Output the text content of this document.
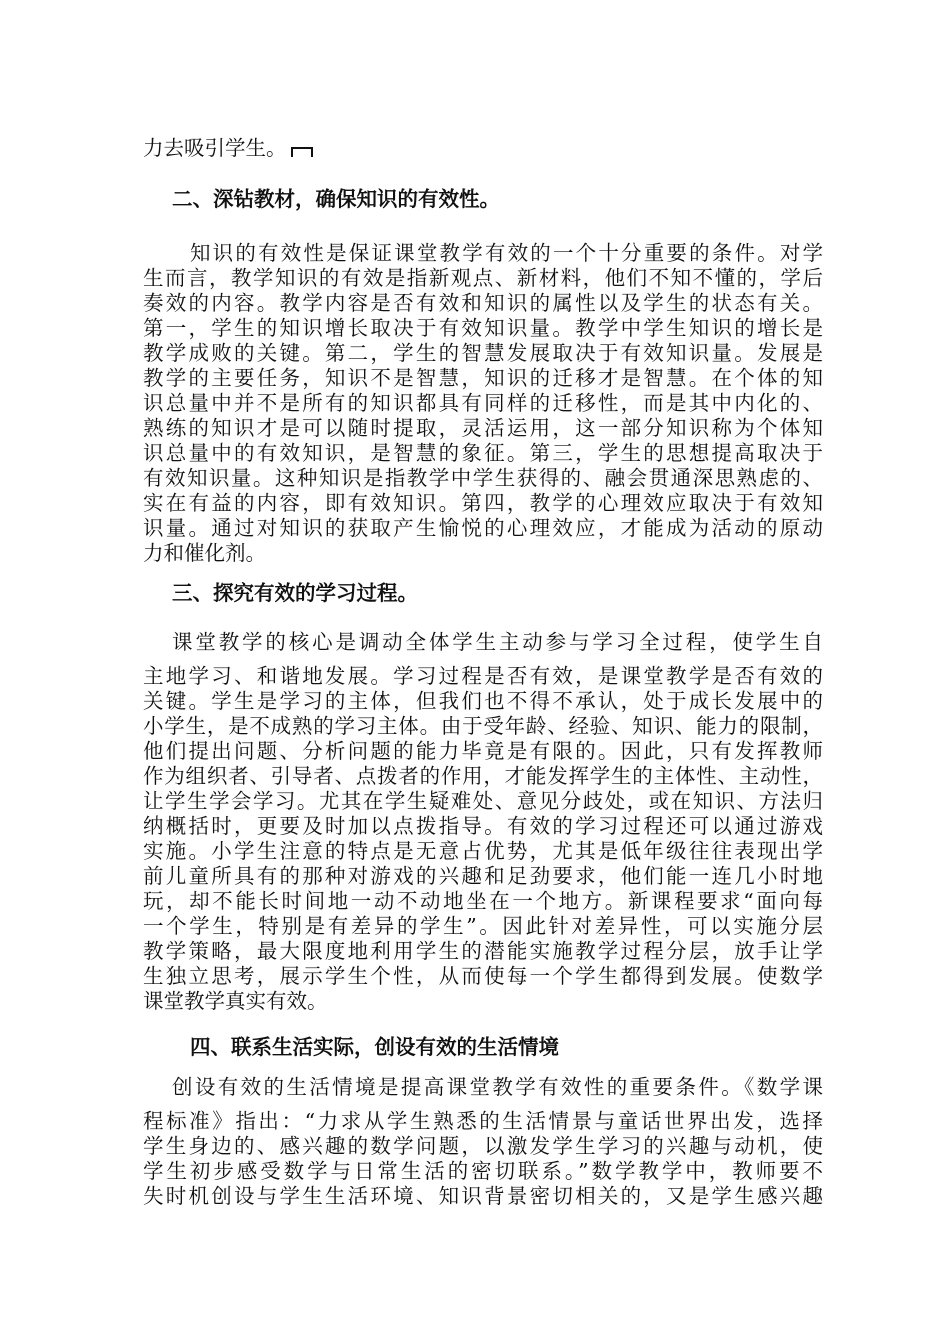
力去吸引学生。
二、深钻教材，确保知识的有效性。
知识的有效性是保证课堂教学有效的一个十分重要的条件。对学
生而言，教学知识的有效是指新观点、新材料，他们不知不懂的，学后
奏效的内容。教学内容是否有效和知识的属性以及学生的状态有关。
第一，学生的知识增长取决于有效知识量。教学中学生知识的增长是
教学成败的关键。第二，学生的智慧发展取决于有效知识量。发展是
教学的主要任务，知识不是智慧，知识的迁移才是智慧。在个体的知
识总量中并不是所有的知识都具有同样的迁移性，而是其中内化的、
熟练的知识才是可以随时提取，灵活运用，这一部分知识称为个体知
识总量中的有效知识，是智慧的象征。第三，学生的思想提高取决于
有效知识量。这种知识是指教学中学生获得的、融会贯通深思熟虑的、
实在有益的内容，即有效知识。第四，教学的心理效应取决于有效知
识量。通过对知识的获取产生愉悦的心理效应，才能成为活动的原动
力和催化剂。
三、探究有效的学习过程。
课堂教学的核心是调动全体学生主动参与学习全过程，使学生自
主地学习、和谐地发展。学习过程是否有效，是课堂教学是否有效的
关键。学生是学习的主体，但我们也不得不承认，处于成长发展中的
小学生，是不成熟的学习主体。由于受年龄、经验、知识、能力的限制，
他们提出问题、分析问题的能力毕竟是有限的。因此，只有发挥教师
作为组织者、引导者、点拨者的作用，才能发挥学生的主体性、主动性，
让学生学会学习。尤其在学生疑难处、意见分歧处，或在知识、方法归
纳概括时，更要及时加以点拨指导。有效的学习过程还可以通过游戏
实施。小学生注意的特点是无意占优势，尤其是低年级往往表现出学
前儿童所具有的那种对游戏的兴趣和足劲要求，他们能一连几小时地
玩，却不能长时间地一动不动地坐在一个地方。新课程要求“面向每
一个学生，特别是有差异的学生”。因此针对差异性，可以实施分层
教学策略，最大限度地利用学生的潜能实施教学过程分层，放手让学
生独立思考，展示学生个性，从而使每一个学生都得到发展。使数学
课堂教学真实有效。
四、联系生活实际，创设有效的生活情境
创设有效的生活情境是提高课堂教学有效性的重要条件。《数学课
程标准》指出：“力求从学生熟悉的生活情景与童话世界出发，选择
学生身边的、感兴趣的数学问题，以激发学生学习的兴趣与动机，使
学生初步感受数学与日常生活的密切联系。”数学教学中，教师要不
失时机创设与学生生活环境、知识背景密切相关的，又是学生感兴趣
